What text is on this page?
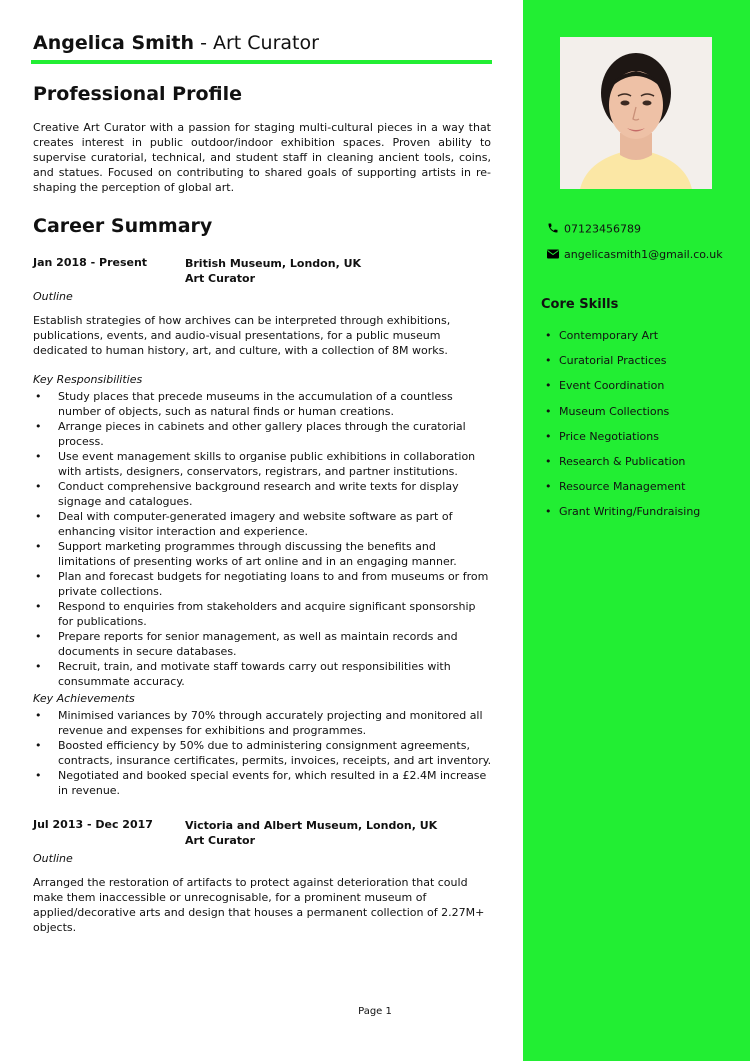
Angelica Smith - Art Curator
Professional Profile

Creative Art Curator with a passion for staging multi-cultural pieces in a way that creates interest in public outdoor/indoor exhibition spaces. Proven ability to supervise curatorial, technical, and student staff in cleaning ancient tools, coins, and statues. Focused on contributing to shared goals of supporting artists in re-shaping the perception of global art.

Career Summary
Jan 2018 - Present	British Museum, London, UK
Art Curator
Outline

Establish strategies of how archives can be interpreted through exhibitions, publications, events, and audio-visual presentations, for a public museum dedicated to human history, art, and culture, with a collection of 8M works.

Key Responsibilities
• Study places that precede museums in the accumulation of a countless number of objects, such as natural finds or human creations.
• Arrange pieces in cabinets and other gallery places through the curatorial process.
• Use event management skills to organise public exhibitions in collaboration with artists, designers, conservators, registrars, and partner institutions.
• Conduct comprehensive background research and write texts for display signage and catalogues.
• Deal with computer-generated imagery and website software as part of enhancing visitor interaction and experience.
• Support marketing programmes through discussing the benefits and limitations of presenting works of art online and in an engaging manner.
• Plan and forecast budgets for negotiating loans to and from museums or from private collections.
• Respond to enquiries from stakeholders and acquire significant sponsorship for publications.
• Prepare reports for senior management, as well as maintain records and documents in secure databases.
• Recruit, train, and motivate staff towards carry out responsibilities with consummate accuracy.
Key Achievements
• Minimised variances by 70% through accurately projecting and monitored all revenue and expenses for exhibitions and programmes.
• Boosted efficiency by 50% due to administering consignment agreements, contracts, insurance certificates, permits, invoices, receipts, and art inventory.
• Negotiated and booked special events for, which resulted in a £2.4M increase in revenue.
Jul 2013 - Dec 2017	Victoria and Albert Museum, London, UK
Art Curator
Outline

Arranged the restoration of artifacts to protect against deterioration that could make them inaccessible or unrecognisable, for a prominent museum of applied/decorative arts and design that houses a permanent collection of 2.27M+ objects.

Page 1
07123456789
angelicasmith1@gmail.co.uk
Core Skills
• Contemporary Art
• Curatorial Practices
• Event Coordination
• Museum Collections
• Price Negotiations
• Research & Publication
• Resource Management
• Grant Writing/Fundraising
